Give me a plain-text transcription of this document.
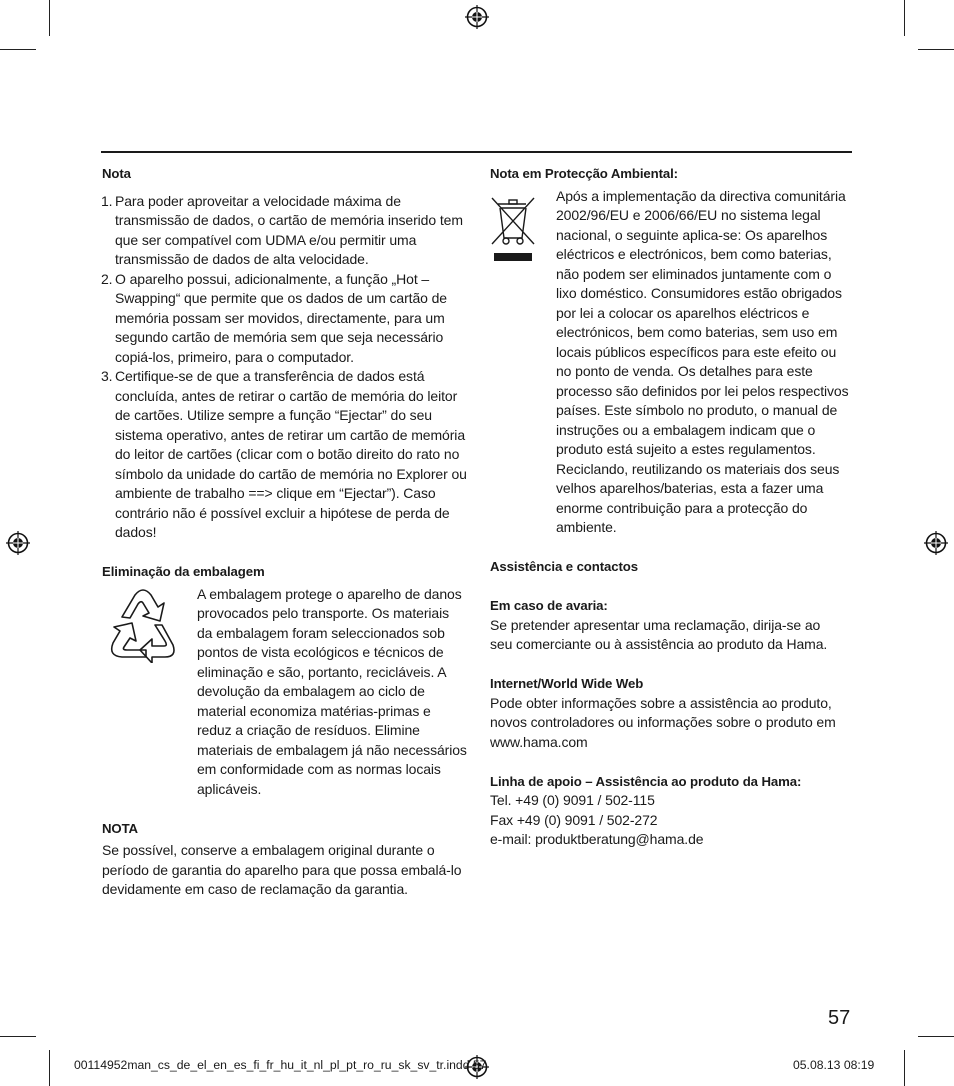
Nota

1. Para poder aproveitar a velocidade máxima de transmissão de dados, o cartão de memória inserido tem que ser compatível com UDMA e/ou permitir uma transmissão de dados de alta velocidade.
2. O aparelho possui, adicionalmente, a função „Hot – Swapping“ que permite que os dados de um cartão de memória possam ser movidos, directamente, para um segundo cartão de memória sem que seja necessário copiá-los, primeiro, para o computador.
3. Certifique-se de que a transferência de dados está concluída, antes de retirar o cartão de memória do leitor de cartões. Utilize sempre a função “Ejectar” do seu sistema operativo, antes de retirar um cartão de memória do leitor de cartões (clicar com o botão direito do rato no símbolo da unidade do cartão de memória no Explorer ou ambiente de trabalho ==> clique em “Ejectar”). Caso contrário não é possível excluir a hipótese de perda de dados!

Eliminação da embalagem

A embalagem protege o aparelho de danos provocados pelo transporte. Os materiais da embalagem foram seleccionados sob pontos de vista ecológicos e técnicos de eliminação e são, portanto, recicláveis. A devolução da embalagem ao ciclo de material economiza matérias-primas e reduz a criação de resíduos. Elimine materiais de embalagem já não necessários em conformidade com as normas locais aplicáveis.

NOTA

Se possível, conserve a embalagem original durante o período de garantia do aparelho para que possa embalá-lo devidamente em caso de reclamação da garantia.

Nota em Protecção Ambiental:

Após a implementação da directiva comunitária 2002/96/EU e 2006/66/EU no sistema legal nacional, o seguinte aplica-se: Os aparelhos eléctricos e electrónicos, bem como baterias, não podem ser eliminados juntamente com o lixo doméstico. Consumidores estão obrigados por lei a colocar os aparelhos eléctricos e electrónicos, bem como baterias, sem uso em locais públicos específicos para este efeito ou no ponto de venda. Os detalhes para este processo são definidos por lei pelos respectivos países. Este símbolo no produto, o manual de instruções ou a embalagem indicam que o produto está sujeito a estes regulamentos. Reciclando, reutilizando os materiais dos seus velhos aparelhos/baterias, esta a fazer uma enorme contribuição para a protecção do ambiente.

Assistência e contactos

Em caso de avaria:

Se pretender apresentar uma reclamação, dirija-se ao seu comerciante ou à assistência ao produto da Hama.

Internet/World Wide Web

Pode obter informações sobre a assistência ao produto, novos controladores ou informações sobre o produto em www.hama.com

Linha de apoio – Assistência ao produto da Hama:

Tel. +49 (0) 9091 / 502-115

Fax +49 (0) 9091 / 502-272

e-mail: produktberatung@hama.de

57
00114952man_cs_de_el_en_es_fi_fr_hu_it_nl_pl_pt_ro_ru_sk_sv_tr.indd 57	05.08.13 08:19
